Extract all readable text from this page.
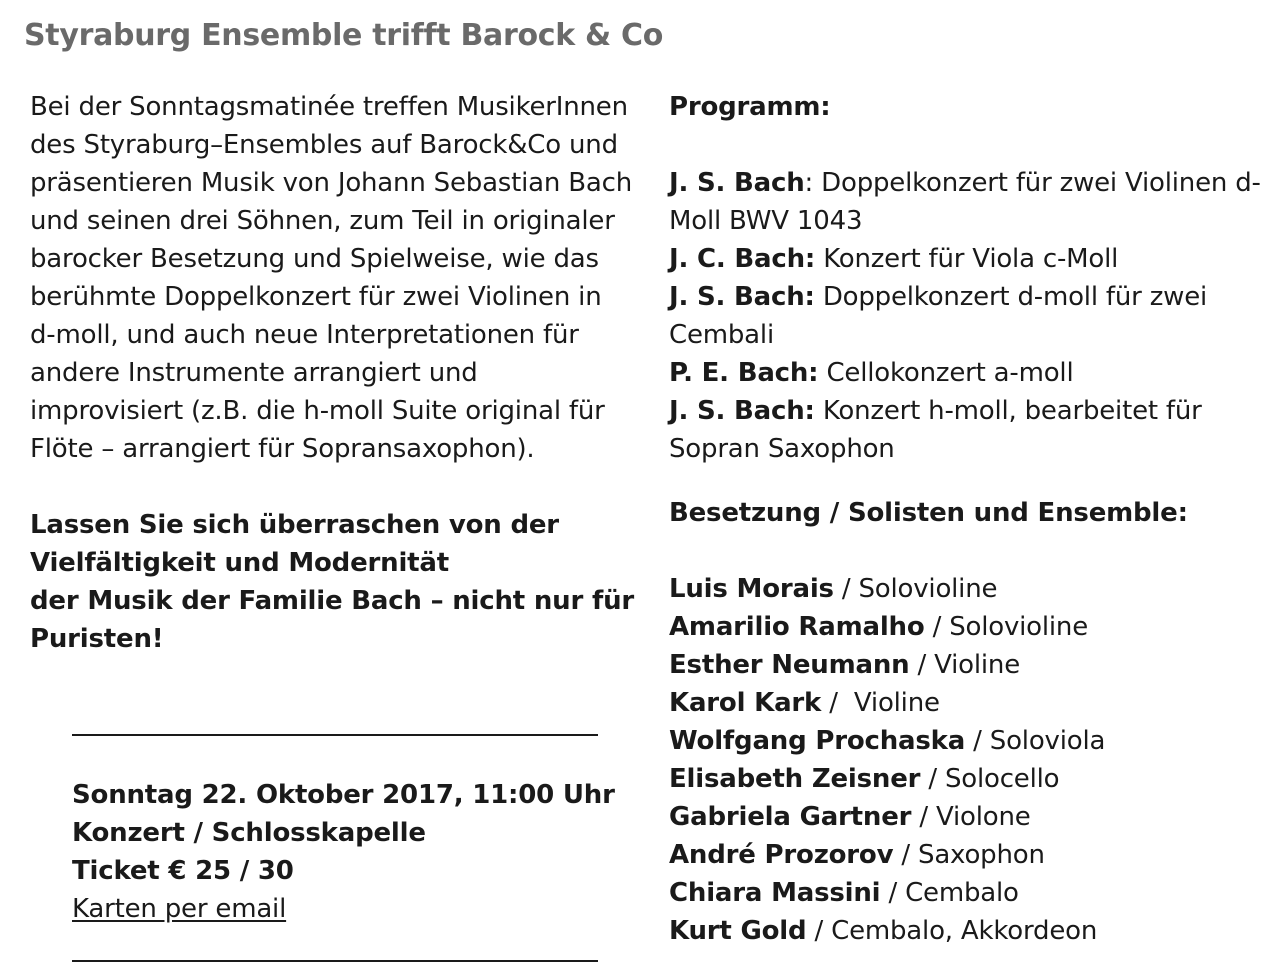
Styraburg Ensemble trifft Barock & Co

Bei der Sonntagsmatinée treffen MusikerInnen
des Styraburg–Ensembles auf Barock&Co und
präsentieren Musik von Johann Sebastian Bach
und seinen drei Söhnen, zum Teil in originaler
barocker Besetzung und Spielweise, wie das
berühmte Doppelkonzert für zwei Violinen in
d-moll, und auch neue Interpretationen für
andere Instrumente arrangiert und
improvisiert (z.B. die h-moll Suite original für
Flöte – arrangiert für Sopransaxophon).

Lassen Sie sich überraschen von der
Vielfältigkeit und Modernität
der Musik der Familie Bach – nicht nur für
Puristen!

Sonntag 22. Oktober 2017, 11:00 Uhr
Konzert / Schlosskapelle
Ticket € 25 / 30
Karten per email

Programm:

J. S. Bach: Doppelkonzert für zwei Violinen d-
Moll BWV 1043

J. C. Bach: Konzert für Viola c-Moll

J. S. Bach: Doppelkonzert d-moll für zwei
Cembali

P. E. Bach: Cellokonzert a-moll

J. S. Bach: Konzert h-moll, bearbeitet für
Sopran Saxophon

Besetzung / Solisten und Ensemble:

Luis Morais / Solovioline

Amarilio Ramalho / Solovioline

Esther Neumann / Violine

Karol Kark /  Violine

Wolfgang Prochaska / Soloviola

Elisabeth Zeisner / Solocello

Gabriela Gartner / Violone

André Prozorov / Saxophon

Chiara Massini / Cembalo

Kurt Gold / Cembalo, Akkordeon
